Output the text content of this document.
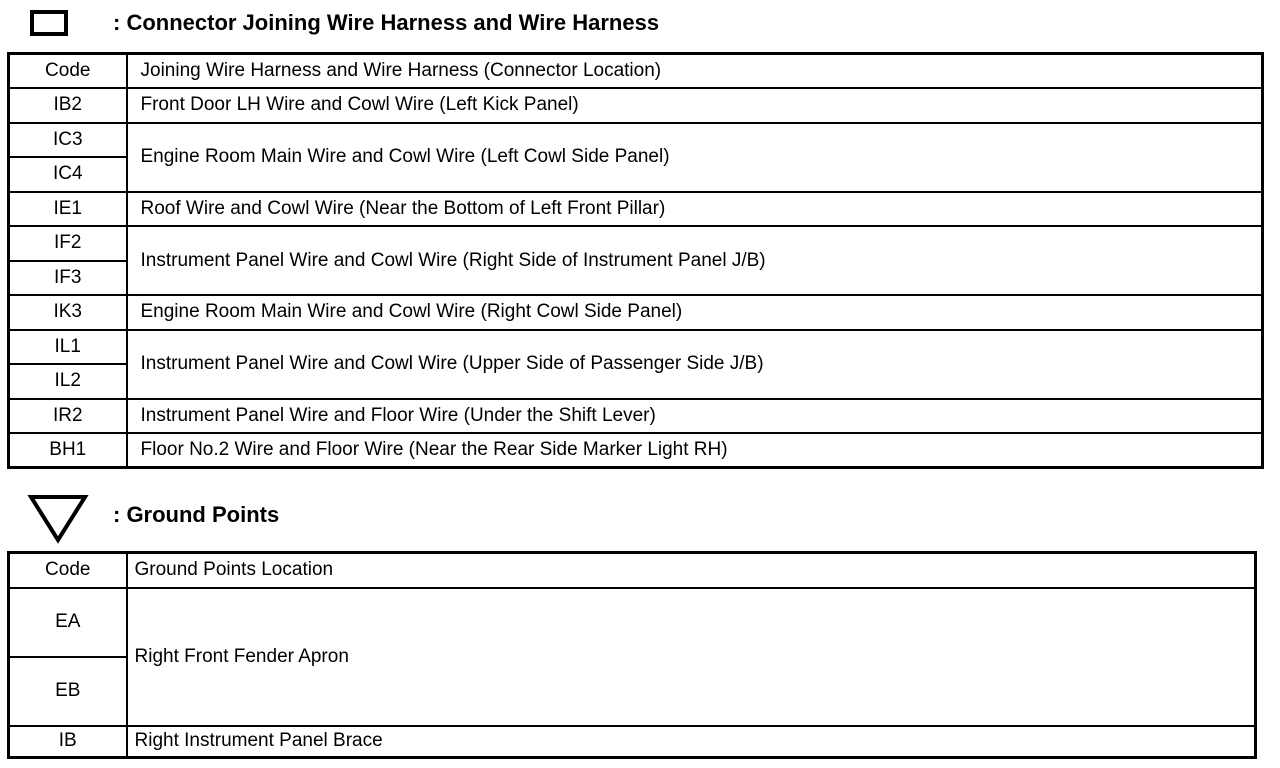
: Connector Joining Wire Harness and Wire Harness
Code	Joining Wire Harness and Wire Harness (Connector Location)
IB2	Front Door LH Wire and Cowl Wire (Left Kick Panel)
IC3	Engine Room Main Wire and Cowl Wire (Left Cowl Side Panel)
IC4	
IE1	Roof Wire and Cowl Wire (Near the Bottom of Left Front Pillar)
IF2	Instrument Panel Wire and Cowl Wire (Right Side of Instrument Panel J/B)
IF3	
IK3	Engine Room Main Wire and Cowl Wire (Right Cowl Side Panel)
IL1	Instrument Panel Wire and Cowl Wire (Upper Side of Passenger Side J/B)
IL2	
IR2	Instrument Panel Wire and Floor Wire (Under the Shift Lever)
BH1	Floor No.2 Wire and Floor Wire (Near the Rear Side Marker Light RH)
: Ground Points
Code	Ground Points Location
EA	Right Front Fender Apron
EB	
IB	Right Instrument Panel Brace
